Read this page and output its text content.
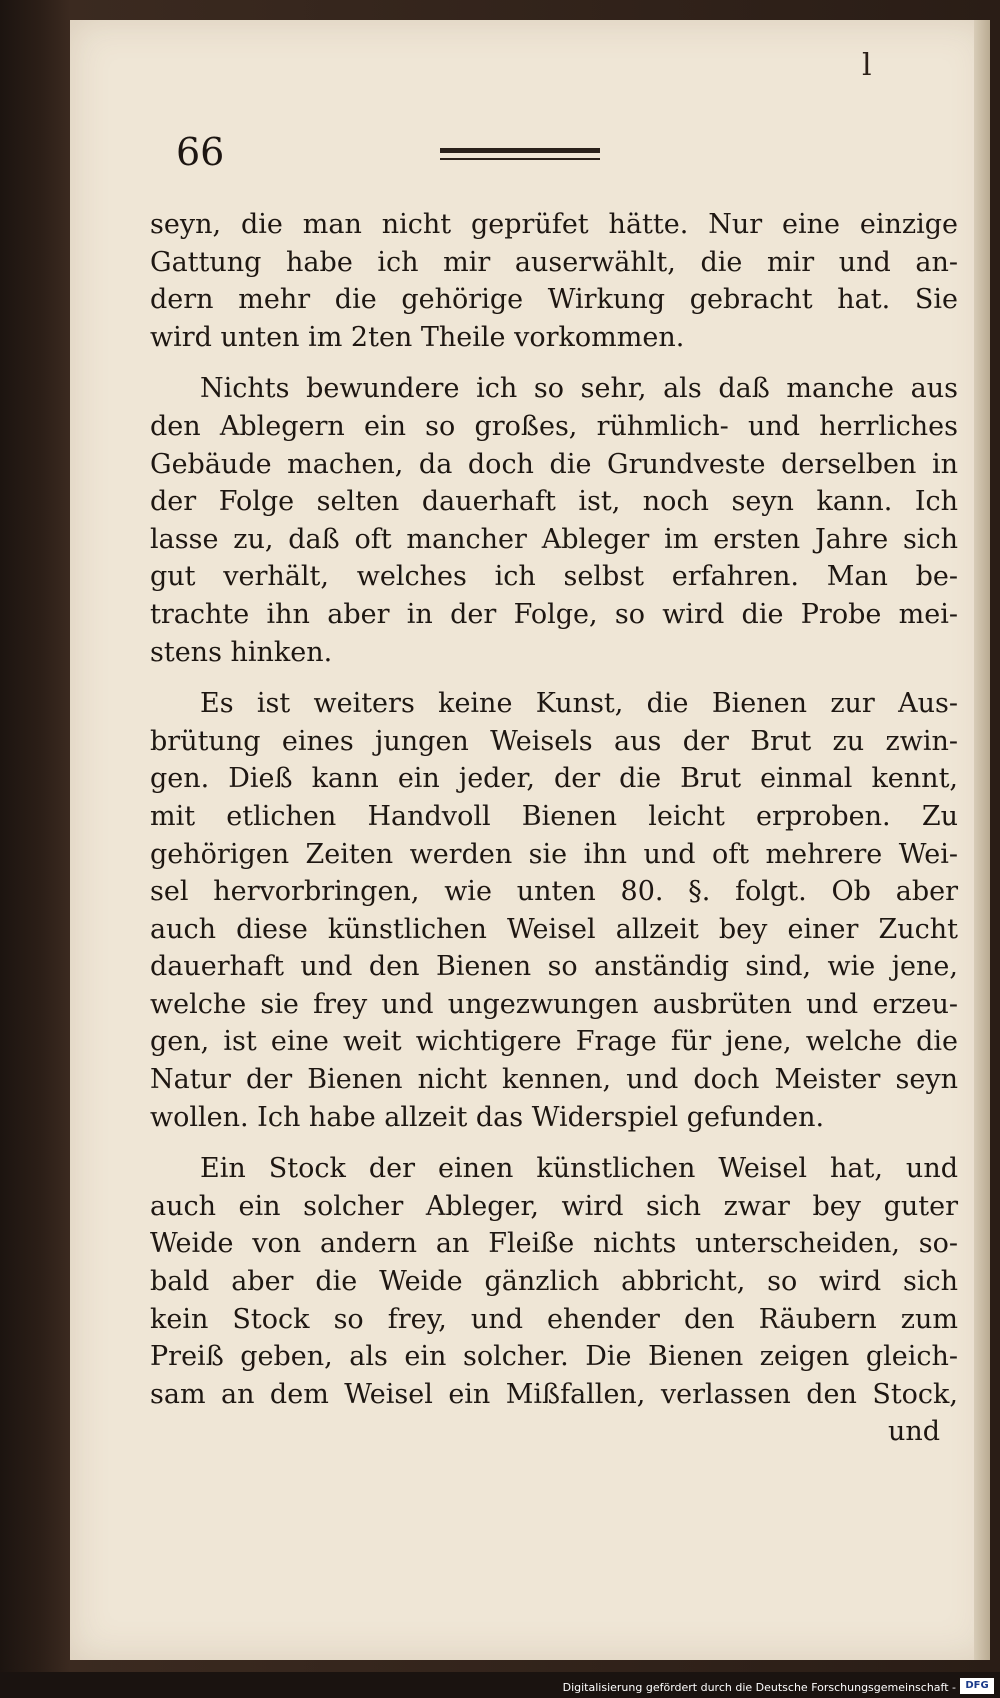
l
66
seyn, die man nicht geprüfet hätte. Nur eine einzige
Gattung habe ich mir auserwählt, die mir und an-
dern mehr die gehörige Wirkung gebracht hat. Sie
wird unten im 2ten Theile vorkommen.
Nichts bewundere ich so sehr, als daß manche aus
den Ablegern ein so großes, rühmlich- und herrliches
Gebäude machen, da doch die Grundveste derselben in
der Folge selten dauerhaft ist, noch seyn kann. Ich
lasse zu, daß oft mancher Ableger im ersten Jahre sich
gut verhält, welches ich selbst erfahren. Man be-
trachte ihn aber in der Folge, so wird die Probe mei-
stens hinken.
Es ist weiters keine Kunst, die Bienen zur Aus-
brütung eines jungen Weisels aus der Brut zu zwin-
gen. Dieß kann ein jeder, der die Brut einmal kennt,
mit etlichen Handvoll Bienen leicht erproben. Zu
gehörigen Zeiten werden sie ihn und oft mehrere Wei-
sel hervorbringen, wie unten 80. §. folgt. Ob aber
auch diese künstlichen Weisel allzeit bey einer Zucht
dauerhaft und den Bienen so anständig sind, wie jene,
welche sie frey und ungezwungen ausbrüten und erzeu-
gen, ist eine weit wichtigere Frage für jene, welche die
Natur der Bienen nicht kennen, und doch Meister seyn
wollen. Ich habe allzeit das Widerspiel gefunden.
Ein Stock der einen künstlichen Weisel hat, und
auch ein solcher Ableger, wird sich zwar bey guter
Weide von andern an Fleiße nichts unterscheiden, so-
bald aber die Weide gänzlich abbricht, so wird sich
kein Stock so frey, und ehender den Räubern zum
Preiß geben, als ein solcher. Die Bienen zeigen gleich-
sam an dem Weisel ein Mißfallen, verlassen den Stock,
und
Digitalisierung gefördert durch die Deutsche Forschungsgemeinschaft - DFG
